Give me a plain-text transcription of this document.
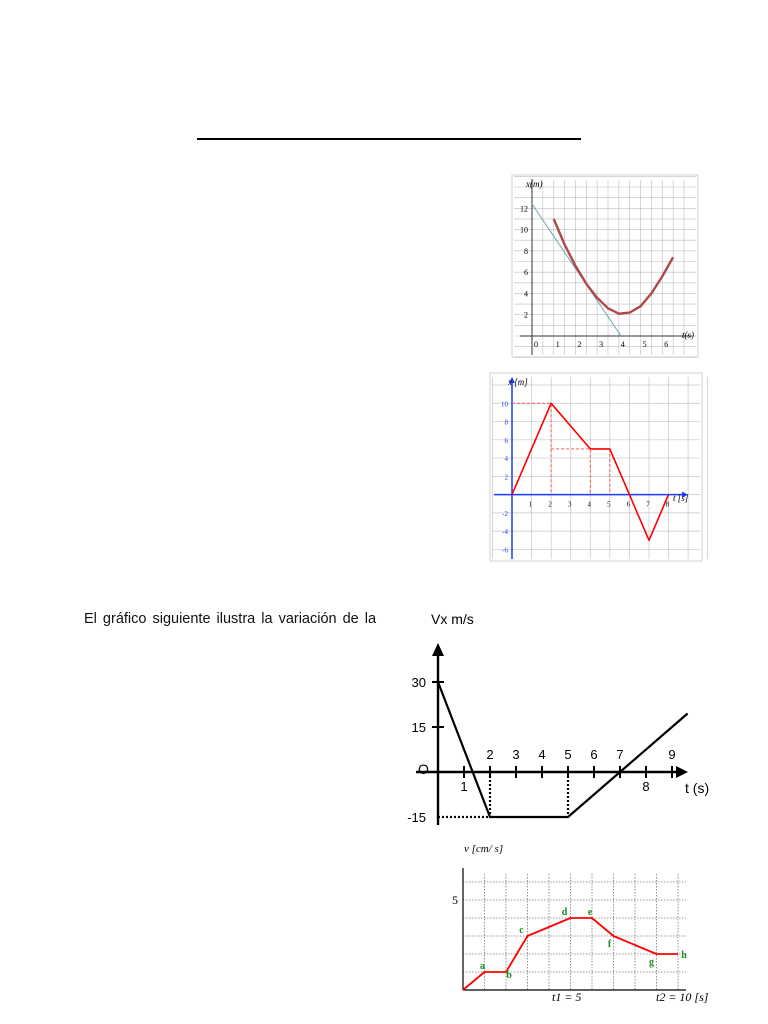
El gráfico siguiente ilustra la variación de la
0 1 2 3 4 5 6
2
4
6
8
10
12
x(m)
t(s)
1 2 3 4 5 6 7 8
10
8
6
4
2
-2
-4
-6
x [m]
t [s]
2 3 4 5 6 7	9
1	8
30
15
-15
Vx m/s
t (s)
O
5
a
b
c
d e
f
g
h
v [cm/ s]
t1 = 5	t2 = 10 [s]
